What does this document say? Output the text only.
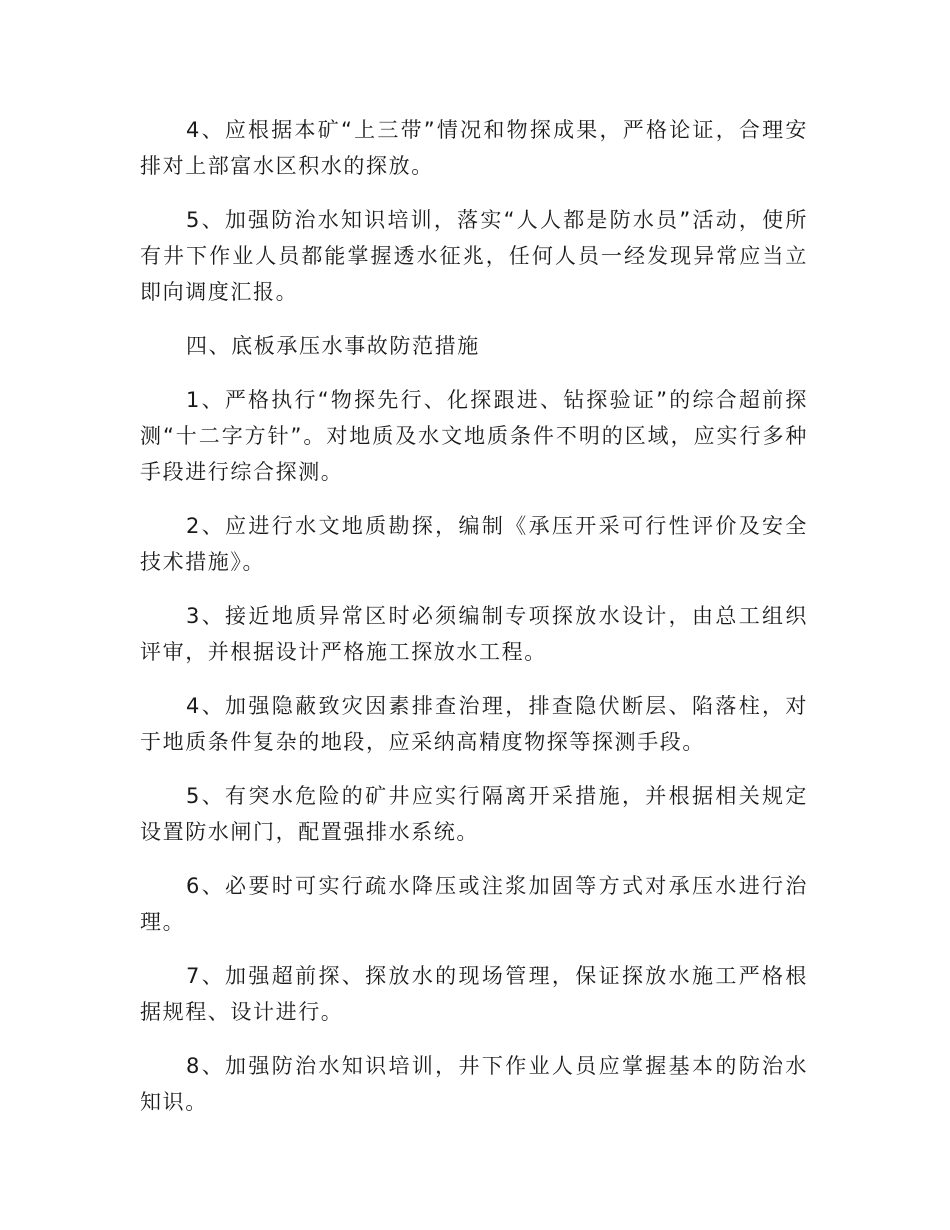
4、应根据本矿“上三带”情况和物探成果，严格论证，合理安排对上部富水区积水的探放。

5、加强防治水知识培训，落实“人人都是防水员”活动，使所有井下作业人员都能掌握透水征兆，任何人员一经发现异常应当立即向调度汇报。

四、底板承压水事故防范措施

1、严格执行“物探先行、化探跟进、钻探验证”的综合超前探测“十二字方针”。对地质及水文地质条件不明的区域，应实行多种手段进行综合探测。

2、应进行水文地质勘探，编制《承压开采可行性评价及安全技术措施》。

3、接近地质异常区时必须编制专项探放水设计，由总工组织评审，并根据设计严格施工探放水工程。

4、加强隐蔽致灾因素排查治理，排查隐伏断层、陷落柱，对于地质条件复杂的地段，应采纳高精度物探等探测手段。

5、有突水危险的矿井应实行隔离开采措施，并根据相关规定设置防水闸门，配置强排水系统。

6、必要时可实行疏水降压或注浆加固等方式对承压水进行治理。

7、加强超前探、探放水的现场管理，保证探放水施工严格根据规程、设计进行。

8、加强防治水知识培训，井下作业人员应掌握基本的防治水知识。
